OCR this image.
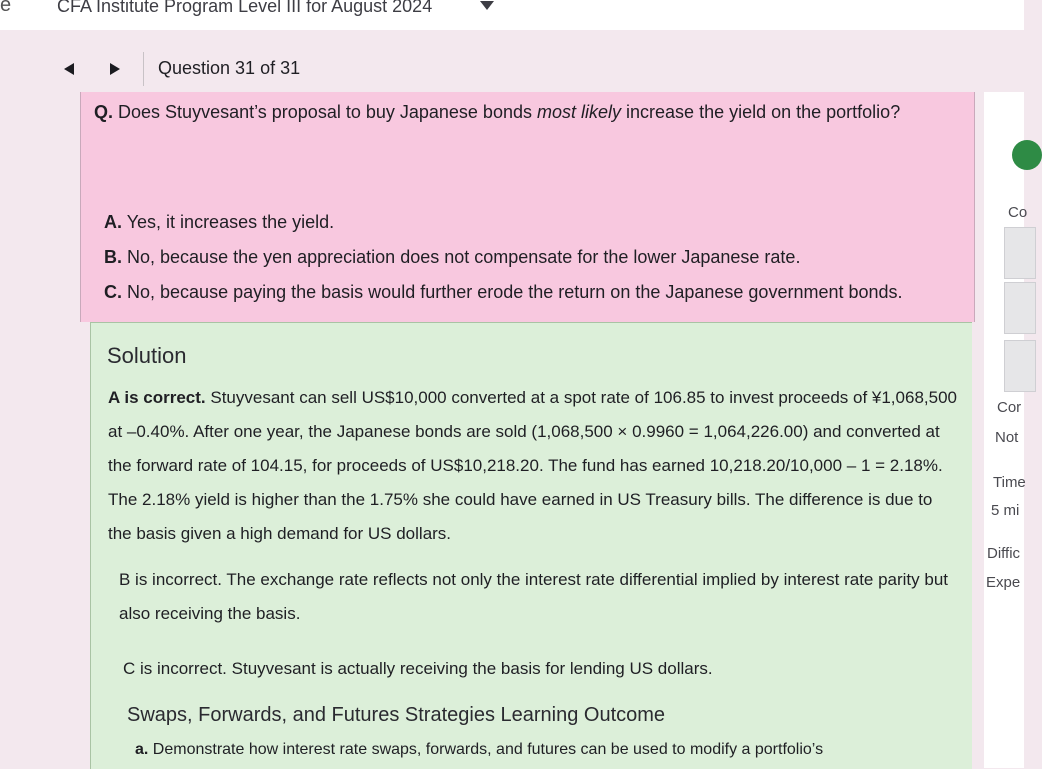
e	CFA Institute Program Level III for August 2024
Question 31 of 31
Q. Does Stuyvesant’s proposal to buy Japanese bonds most likely increase the yield on the portfolio?
A. Yes, it increases the yield.
B. No, because the yen appreciation does not compensate for the lower Japanese rate.
C. No, because paying the basis would further erode the return on the Japanese government bonds.
Solution
A is correct. Stuyvesant can sell US$10,000 converted at a spot rate of 106.85 to invest proceeds of ¥1,068,500 at –0.40%. After one year, the Japanese bonds are sold (1,068,500 × 0.9960 = 1,064,226.00) and converted at the forward rate of 104.15, for proceeds of US$10,218.20. The fund has earned 10,218.20/10,000 – 1 = 2.18%. The 2.18% yield is higher than the 1.75% she could have earned in US Treasury bills. The difference is due to the basis given a high demand for US dollars.
B is incorrect. The exchange rate reflects not only the interest rate differential implied by interest rate parity but also receiving the basis.
C is incorrect. Stuyvesant is actually receiving the basis for lending US dollars.
Swaps, Forwards, and Futures Strategies Learning Outcome
a. Demonstrate how interest rate swaps, forwards, and futures can be used to modify a portfolio’s
Co
Cor
Not
Time
5 mi
Diffic
Expe
